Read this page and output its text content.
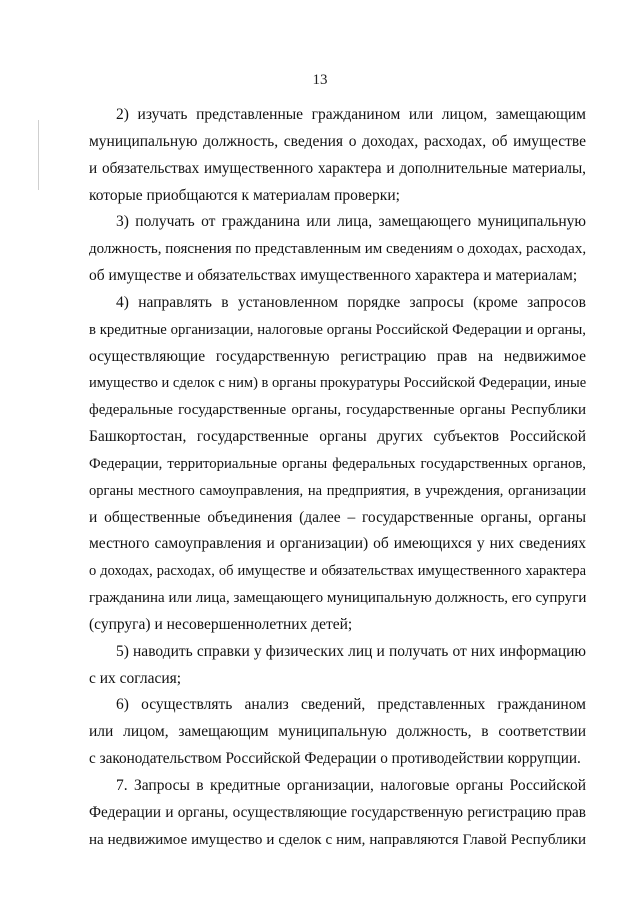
13
2) изучать представленные гражданином или лицом, замещающим
муниципальную должность, сведения о доходах, расходах, об имуществе
и обязательствах имущественного характера и дополнительные материалы,
которые приобщаются к материалам проверки;
3) получать от гражданина или лица, замещающего муниципальную
должность, пояснения по представленным им сведениям о доходах, расходах,
об имуществе и обязательствах имущественного характера и материалам;
4) направлять в установленном порядке запросы (кроме запросов
в кредитные организации, налоговые органы Российской Федерации и органы,
осуществляющие государственную регистрацию прав на недвижимое
имущество и сделок с ним) в органы прокуратуры Российской Федерации, иные
федеральные государственные органы, государственные органы Республики
Башкортостан, государственные органы других субъектов Российской
Федерации, территориальные органы федеральных государственных органов,
органы местного самоуправления, на предприятия, в учреждения, организации
и общественные объединения (далее – государственные органы, органы
местного самоуправления и организации) об имеющихся у них сведениях
о доходах, расходах, об имуществе и обязательствах имущественного характера
гражданина или лица, замещающего муниципальную должность, его супруги
(супруга) и несовершеннолетних детей;
5) наводить справки у физических лиц и получать от них информацию
с их согласия;
6) осуществлять анализ сведений, представленных гражданином
или лицом, замещающим муниципальную должность, в соответствии
с законодательством Российской Федерации о противодействии коррупции.
7. Запросы в кредитные организации, налоговые органы Российской
Федерации и органы, осуществляющие государственную регистрацию прав
на недвижимое имущество и сделок с ним, направляются Главой Республики
